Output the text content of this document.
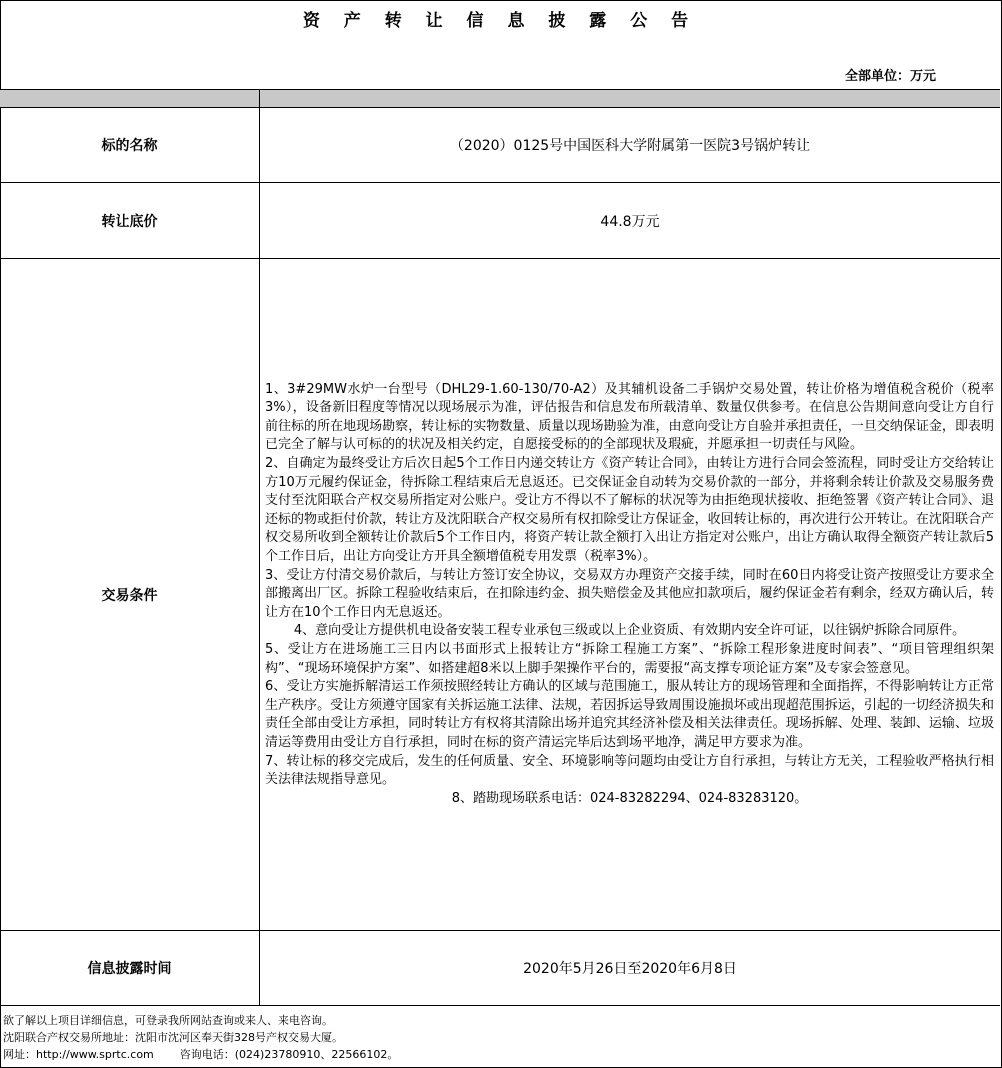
资 产 转 让 信 息 披 露 公 告
全部单位：万元
标的名称	（2020）0125号中国医科大学附属第一医院3号锅炉转让
转让底价	44.8万元
交易条件

1、3#29MW水炉一台型号（DHL29-1.60-130/70-A2）及其辅机设备二手锅炉交易处置，转让价格为增值税含税价（税率3%），设备新旧程度等情况以现场展示为准，评估报告和信息发布所载清单、数量仅供参考。在信息公告期间意向受让方自行前往标的所在地现场勘察，转让标的实物数量、质量以现场勘验为准，由意向受让方自验并承担责任，一旦交纳保证金，即表明已完全了解与认可标的的状况及相关约定，自愿接受标的的全部现状及瑕疵，并愿承担一切责任与风险。

2、自确定为最终受让方后次日起5个工作日内递交转让方《资产转让合同》，由转让方进行合同会签流程，同时受让方交给转让方10万元履约保证金，待拆除工程结束后无息返还。已交保证金自动转为交易价款的一部分，并将剩余转让价款及交易服务费支付至沈阳联合产权交易所指定对公账户。受让方不得以不了解标的状况等为由拒绝现状接收、拒绝签署《资产转让合同》、退还标的物或拒付价款，转让方及沈阳联合产权交易所有权扣除受让方保证金，收回转让标的，再次进行公开转让。在沈阳联合产权交易所收到全额转让价款后5个工作日内，将资产转让款全额打入出让方指定对公账户，出让方确认取得全额资产转让款后5个工作日后，出让方向受让方开具全额增值税专用发票（税率3%）。

3、受让方付清交易价款后，与转让方签订安全协议，交易双方办理资产交接手续，同时在60日内将受让资产按照受让方要求全部搬离出厂区。拆除工程验收结束后，在扣除违约金、损失赔偿金及其他应扣款项后，履约保证金若有剩余，经双方确认后，转让方在10个工作日内无息返还。

4、意向受让方提供机电设备安装工程专业承包三级或以上企业资质、有效期内安全许可证，以往锅炉拆除合同原件。

5、受让方在进场施工三日内以书面形式上报转让方“拆除工程施工方案”、“拆除工程形象进度时间表”、“项目管理组织架构”、“现场环境保护方案”、如搭建超8米以上脚手架操作平台的，需要报“高支撑专项论证方案”及专家会签意见。

6、受让方实施拆解清运工作须按照经转让方确认的区域与范围施工，服从转让方的现场管理和全面指挥，不得影响转让方正常生产秩序。受让方须遵守国家有关拆运施工法律、法规，若因拆运导致周围设施损坏或出现超范围拆运，引起的一切经济损失和责任全部由受让方承担，同时转让方有权将其清除出场并追究其经济补偿及相关法律责任。现场拆解、处理、装卸、运输、垃圾清运等费用由受让方自行承担，同时在标的资产清运完毕后达到场平地净，满足甲方要求为准。

7、转让标的移交完成后，发生的任何质量、安全、环境影响等问题均由受让方自行承担，与转让方无关，工程验收严格执行相关法律法规指导意见。

8、踏勘现场联系电话：024-83282294、024-83283120。

信息披露时间	2020年5月26日至2020年6月8日
欲了解以上项目详细信息，可登录我所网站查询或来人、来电咨询。
沈阳联合产权交易所地址：沈阳市沈河区奉天街328号产权交易大厦。
网址：http://www.sprtc.com 咨询电话：(024)23780910、22566102。
